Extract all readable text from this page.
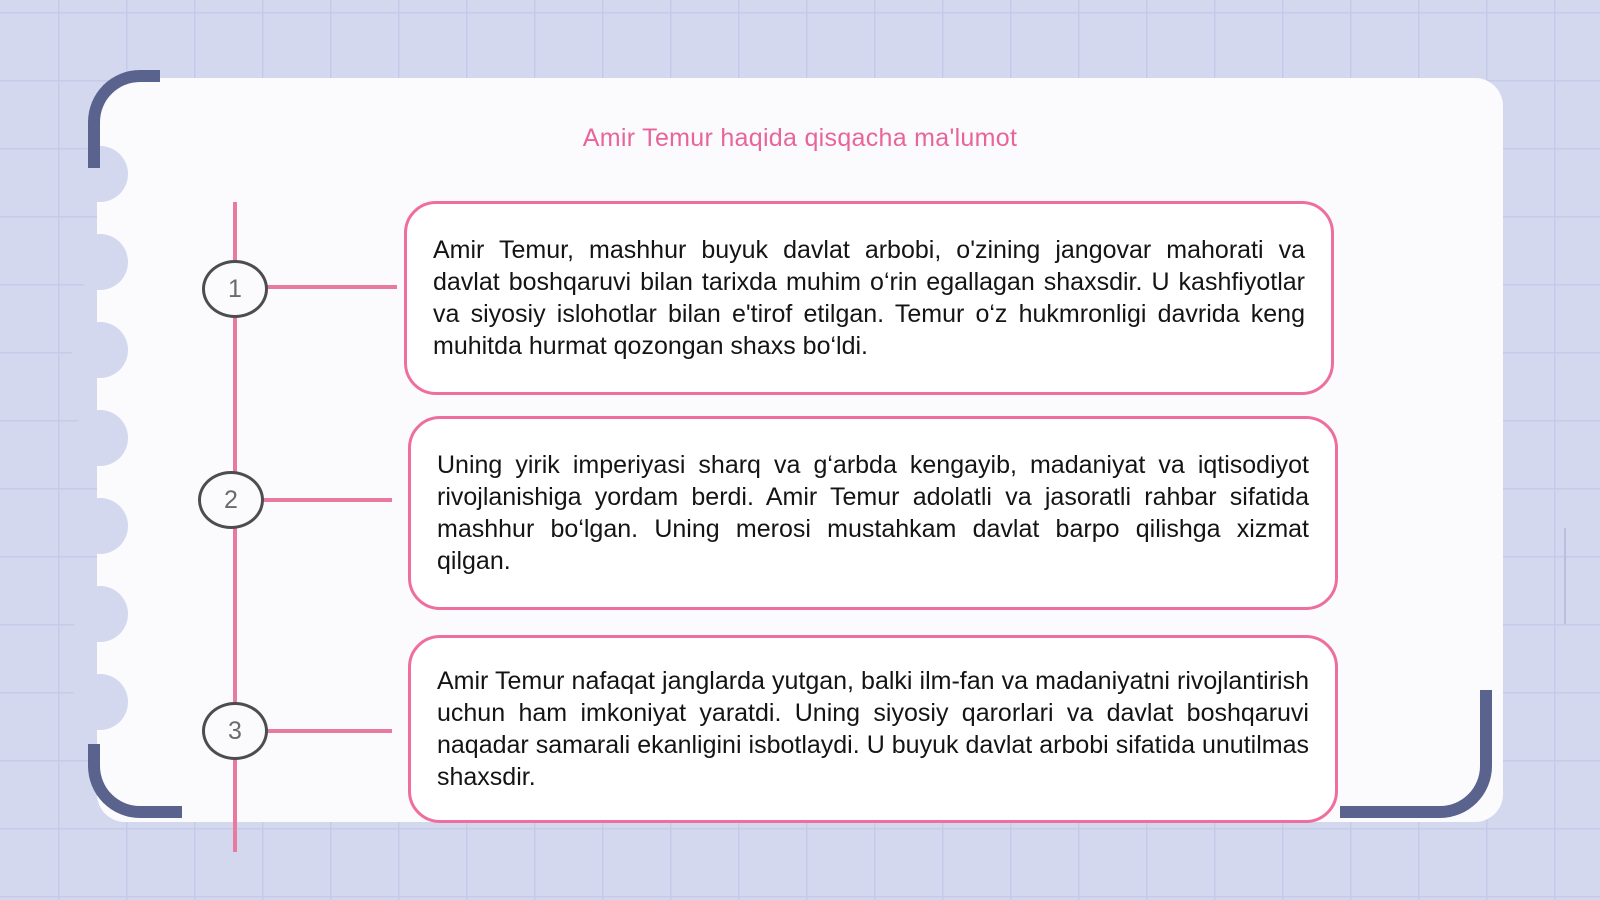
Amir Temur haqida qisqacha ma'lumot
1
2
3

Amir Temur, mashhur buyuk davlat arbobi, o'zining jangovar mahorati va davlat boshqaruvi bilan tarixda muhim o‘rin egallagan shaxsdir. U kashfiyotlar va siyosiy islohotlar bilan e'tirof etilgan. Temur o‘z hukmronligi davrida keng muhitda hurmat qozongan shaxs bo‘ldi.

Uning yirik imperiyasi sharq va g‘arbda kengayib, madaniyat va iqtisodiyot rivojlanishiga yordam berdi. Amir Temur adolatli va jasoratli rahbar sifatida mashhur bo‘lgan. Uning merosi mustahkam davlat barpo qilishga xizmat qilgan.

Amir Temur nafaqat janglarda yutgan, balki ilm-fan va madaniyatni rivojlantirish uchun ham imkoniyat yaratdi. Uning siyosiy qarorlari va davlat boshqaruvi naqadar samarali ekanligini isbotlaydi. U buyuk davlat arbobi sifatida unutilmas shaxsdir.
